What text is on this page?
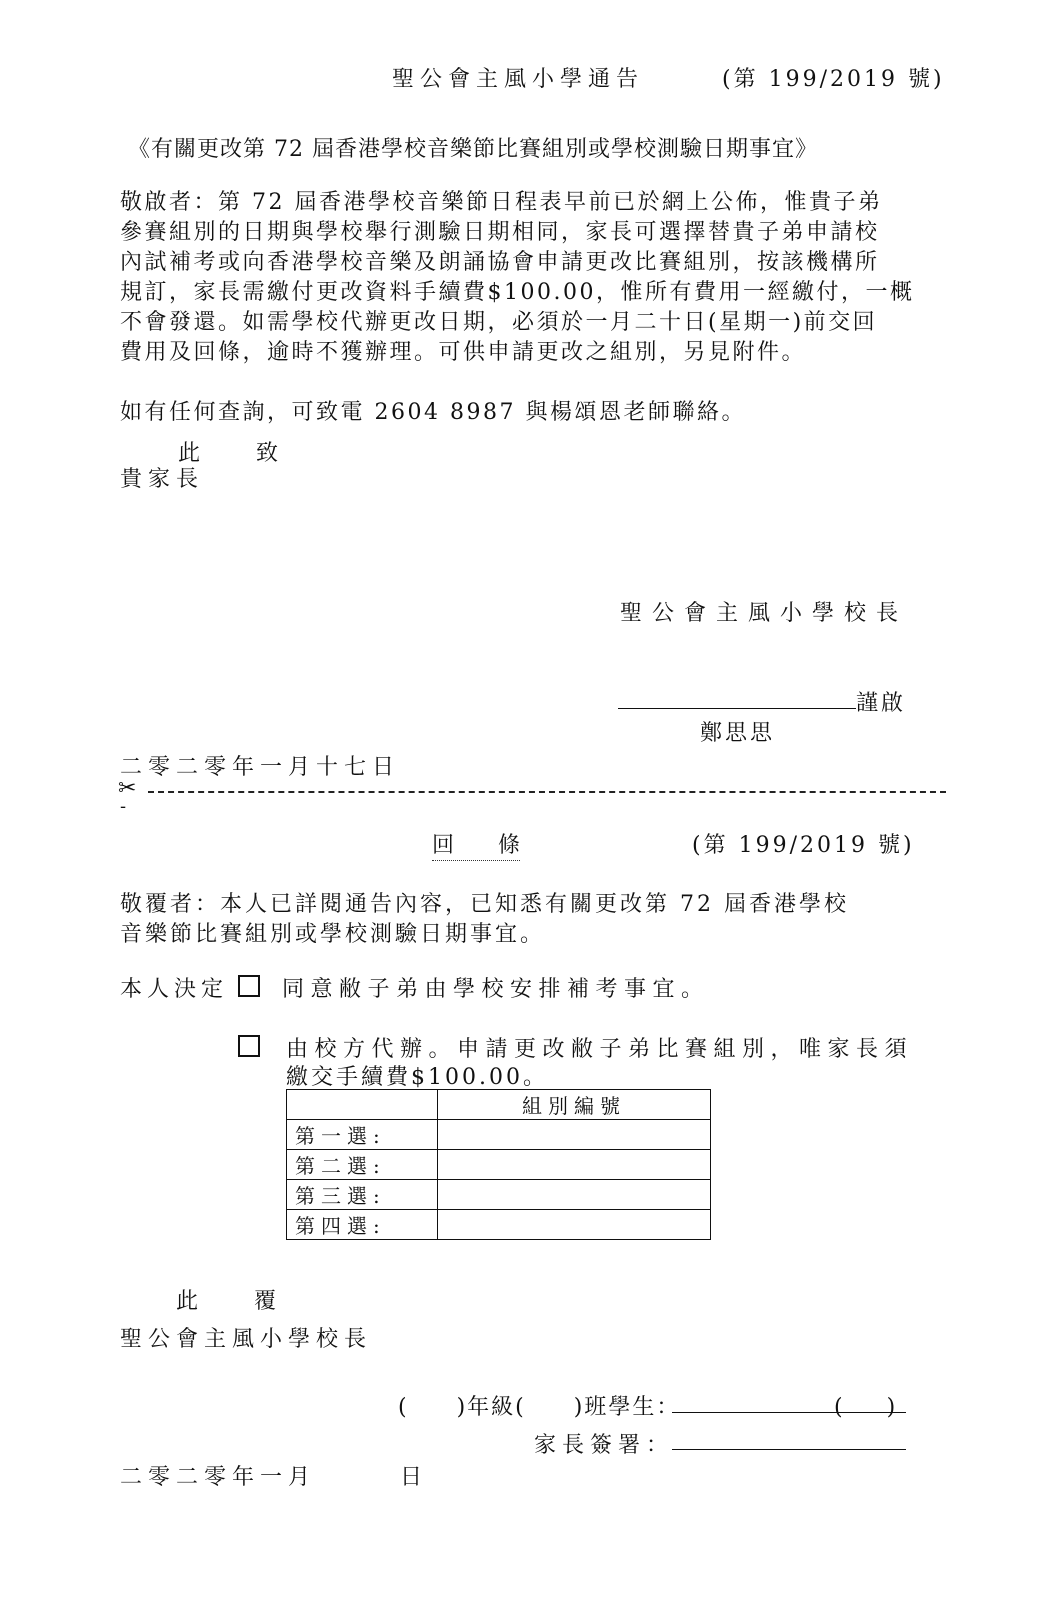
聖公會主風小學通告	(第 199/2019 號)
《有關更改第 72 屆香港學校音樂節比賽組別或學校測驗日期事宜》
敬啟者：第 72 屆香港學校音樂節日程表早前已於網上公佈，惟貴子弟
參賽組別的日期與學校舉行測驗日期相同，家長可選擇替貴子弟申請校
內試補考或向香港學校音樂及朗誦協會申請更改比賽組別，按該機構所
規訂，家長需繳付更改資料手續費$100.00，惟所有費用一經繳付，一概
不會發還。如需學校代辦更改日期，必須於一月二十日(星期一)前交回
費用及回條，逾時不獲辦理。可供申請更改之組別，另見附件。
如有任何查詢，可致電 2604 8987 與楊頌恩老師聯絡。
此　　致
貴家長
聖公會主風小學校長
謹啟
鄭思思
二零二零年一月十七日
✂
-
回　　條	(第 199/2019 號)
敬覆者：本人已詳閱通告內容，已知悉有關更改第 72 屆香港學校
音樂節比賽組別或學校測驗日期事宜。
本人決定 同意敝子弟由學校安排補考事宜。
由校方代辦。申請更改敝子弟比賽組別，唯家長須
繳交手續費$100.00。
	組別編號
第一選:	
第二選:	
第三選:	
第四選:	
此　　覆
聖公會主風小學校長
(　　)年級(　　)班學生：	(　　)
家長簽署：
二零二零年一月　　　日
